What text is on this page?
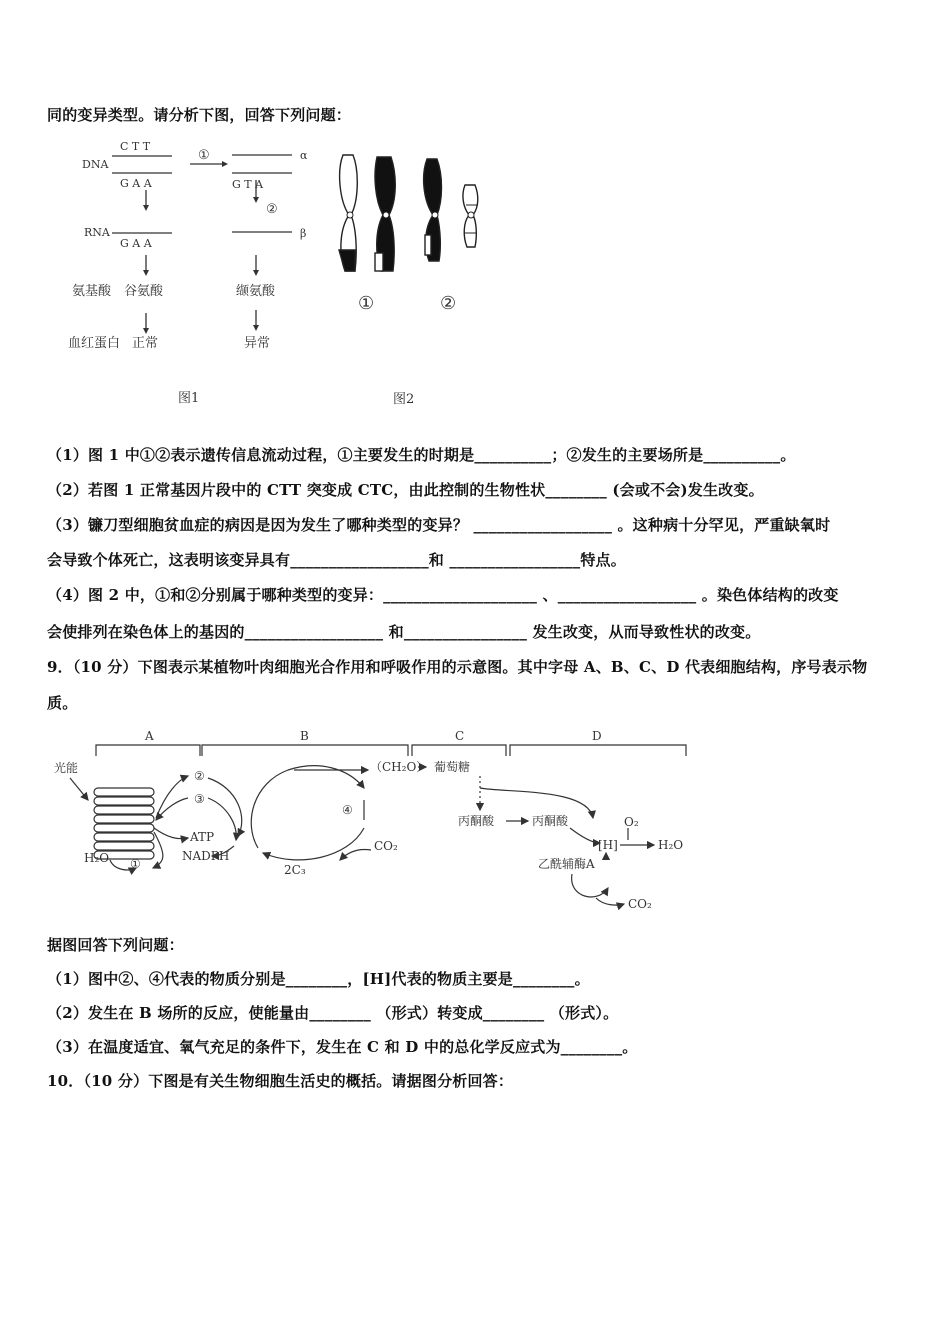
同的变异类型。请分析下图，回答下列问题：
DNA
C T T
G A A
①
G T A
α
②
RNA
G A A
β
氨基酸 谷氨酸	缬氨酸
血红蛋白 正常	异常
图1
①	②
图2
（1）图 1 中①②表示遗传信息流动过程，①主要发生的时期是__________；②发生的主要场所是__________。
（2）若图 1 正常基因片段中的 CTT 突变成 CTC，由此控制的生物性状________ (会或不会)发生改变。
（3）镰刀型细胞贫血症的病因是因为发生了哪种类型的变异？ __________________ 。这种病十分罕见，严重缺氧时
会导致个体死亡，这表明该变异具有__________________和 _________________特点。
（4）图 2 中，①和②分别属于哪种类型的变异：____________________ 、__________________ 。染色体结构的改变
会使排列在染色体上的基因的__________________ 和________________ 发生改变，从而导致性状的改变。
9．（10 分）下图表示某植物叶肉细胞光合作用和呼吸作用的示意图。其中字母 A、B、C、D 代表细胞结构，序号表示物
质。
A	B	C	D
光能
H₂O ①
②
③
ATP
NADPH
④
CO₂
2C₃
（CH₂O） 葡萄糖
丙酮酸	丙酮酸
[H]
O₂
H₂O
乙酰辅酶A
CO₂
据图回答下列问题：
（1）图中②、④代表的物质分别是________，[H]代表的物质主要是________。
（2）发生在 B 场所的反应，使能量由________ （形式）转变成________ （形式）。
（3）在温度适宜、氧气充足的条件下，发生在 C 和 D 中的总化学反应式为________。
10．（10 分）下图是有关生物细胞生活史的概括。请据图分析回答：
